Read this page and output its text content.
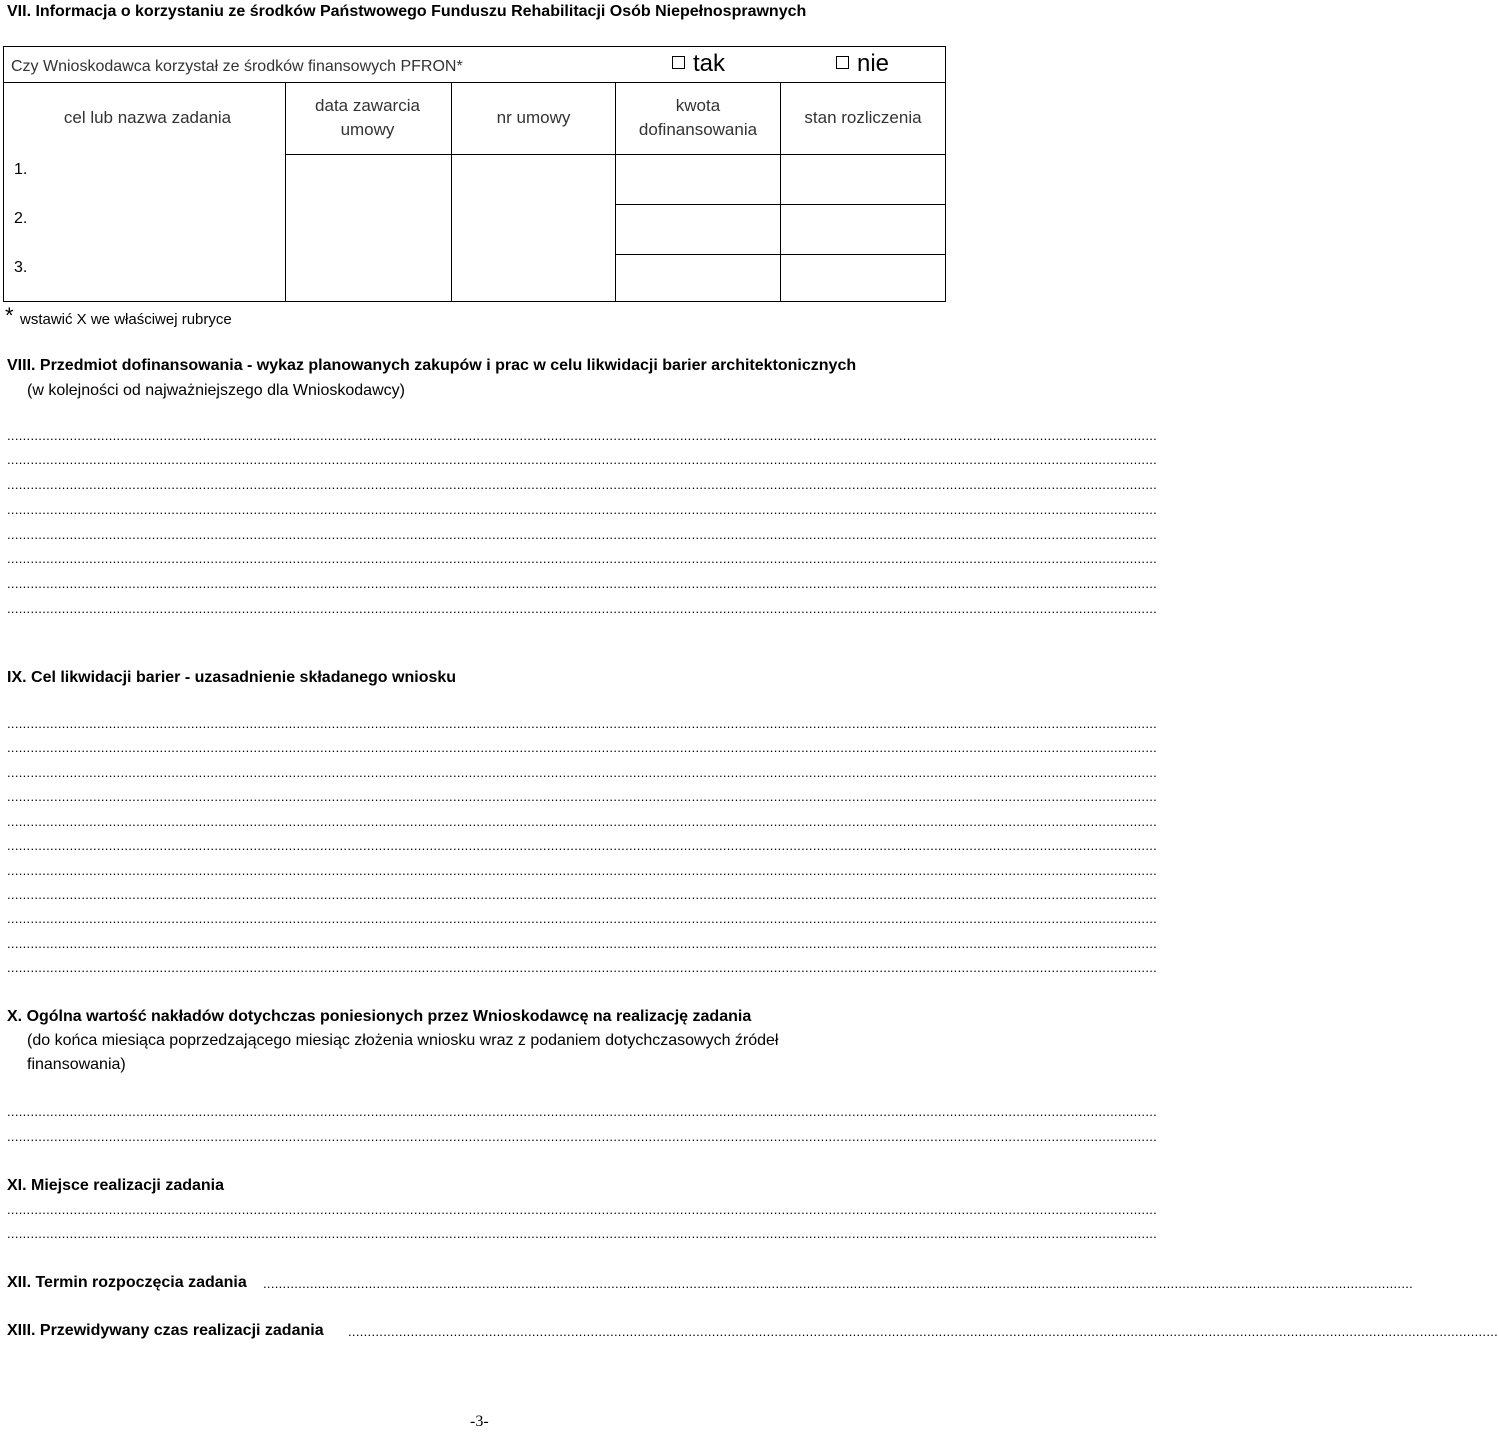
VII. Informacja o korzystaniu ze środków Państwowego Funduszu Rehabilitacji Osób Niepełnosprawnych
Czy Wnioskodawca korzystał ze środków finansowych PFRON*	tak	nie
cel lub nazwa zadania
data zawarcia umowy
nr umowy
kwota dofinansowania
stan rozliczenia
1.
2.
3.
* wstawić X we właściwej rubryce
VIII. Przedmiot dofinansowania - wykaz planowanych zakupów i prac w celu likwidacji barier architektonicznych
(w kolejności od najważniejszego dla Wnioskodawcy)
......................................................................................................................................................................................................................................................................................................
......................................................................................................................................................................................................................................................................................................
......................................................................................................................................................................................................................................................................................................
......................................................................................................................................................................................................................................................................................................
......................................................................................................................................................................................................................................................................................................
......................................................................................................................................................................................................................................................................................................
......................................................................................................................................................................................................................................................................................................
......................................................................................................................................................................................................................................................................................................
IX. Cel likwidacji barier - uzasadnienie składanego wniosku
......................................................................................................................................................................................................................................................................................................
......................................................................................................................................................................................................................................................................................................
......................................................................................................................................................................................................................................................................................................
......................................................................................................................................................................................................................................................................................................
......................................................................................................................................................................................................................................................................................................
......................................................................................................................................................................................................................................................................................................
......................................................................................................................................................................................................................................................................................................
......................................................................................................................................................................................................................................................................................................
......................................................................................................................................................................................................................................................................................................
......................................................................................................................................................................................................................................................................................................
......................................................................................................................................................................................................................................................................................................
X. Ogólna wartość nakładów dotychczas poniesionych przez Wnioskodawcę na realizację zadania
(do końca miesiąca poprzedzającego miesiąc złożenia wniosku wraz z podaniem dotychczasowych źródeł
finansowania)
......................................................................................................................................................................................................................................................................................................
......................................................................................................................................................................................................................................................................................................
XI. Miejsce realizacji zadania
......................................................................................................................................................................................................................................................................................................
......................................................................................................................................................................................................................................................................................................
XII. Termin rozpoczęcia zadania ......................................................................................................................................................................................................................................................................................................
XIII. Przewidywany czas realizacji zadania ......................................................................................................................................................................................................................................................................................................
-3-
